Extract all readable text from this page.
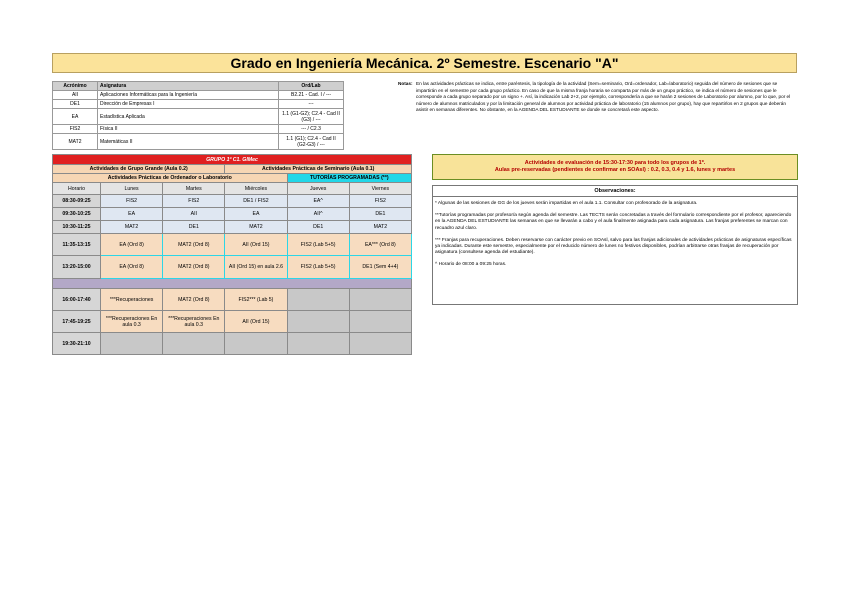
Grado en Ingeniería Mecánica. 2º Semestre. Escenario "A"
Acrónimo	Asignatura	Ord/Lab
AII	Aplicaciones Informáticas para la Ingeniería	B2.21 - Cad. I / ---
DE1	Dirección de Empresas I	---
EA	Estadística Aplicada	1.1 (G1-G2); C2.4 - Cad II (G3) / ---
FIS2	Física II	--- / C2.3
MAT2	Matemáticas II	1.1 (G1); C2.4 - Cad II (G2-G3) / ---
Notas: En las actividades prácticas se indica, entre paréntesis, la tipología de la actividad (Sem=seminario, Ord=ordenador, Lab=laboratorio) seguida del número de sesiones que se impartirán en el semestre por cada grupo práctico. En caso de que la misma franja horaria se comparta por más de un grupo práctico, se indica el número de sesiones que le corresponde a cada grupo separado por un signo +. Así, la indicación Lab 2+2, por ejemplo, correspondería a que se harán 2 sesiones de Laboratorio por alumno, por lo que, por el número de alumnos matriculados y por la limitación general de alumnos por actividad práctica de laboratorio (15 alumnos por grupo), hay que repartirlos en 2 grupos que deberán asistir en semanas diferentes. No obstante, en la AGENDA DEL ESTUDIANTE se donde se concretará este aspecto.
GRUPO 1º C1. GIMec					
Actividades de Grupo Grande (Aula 0.2)			Actividades Prácticas de Seminario (Aula 0.1)		
Actividades Prácticas de Ordenador o Laboratorio				TUTORÍAS PROGRAMADAS (**)	
Horario	Lunes	Martes	Miércoles	Jueves	Viernes
08:30-09:25	FIS2	FIS2	DE1 / FIS2	EA^	FIS2
09:30-10:25	EA	AII	EA	AII^	DE1
10:30-11:25	MAT2	DE1	MAT2	DE1	MAT2
11:35-13:15	EA (Ord 8)	MAT2 (Ord 8)	AII (Ord 15)	FIS2 (Lab 5+5)	EA*** (Ord 8)
13:20-15:00	EA (Ord 8)	MAT2 (Ord 8)	AII (Ord 15) en aula 2.6	FIS2 (Lab 5+5)	DE1 (Sem 4+4)

16:00-17:40	***Recuperaciones	MAT2 (Ord 8)	FIS2*** (Lab 5)		
17:45-19:25	***Recuperaciones En aula 0.3	***Recuperaciones En aula 0.3	AII (Ord 15)		
19:30-21:10					
Actividades de evaluación de 15:30-17:30 para todo los grupos de 1º.
Aulas pre-reservadas (pendientes de confirmar en SOAsl) : 0.2, 0.3, 0.4 y 1.6, lunes y martes
Observaciones:

* Algunas de las sesiones de GG de los jueves serán impartidas en el aula 1.1. Consultar con profesorado de la asignatura.

**Tutorías programadas por profesor/a según agenda del semestre. Las TECTS serán concretadas a través del formulario correspondiente por el profesor, apareciendo en la AGENDA DEL ESTUDIANTE las semanas en que se llevarán a cabo y el aula finalmente asignada para cada asignatura. Las franjas preferentes se marcan con recuadro azul claro.

*** Franjas para recuperaciones. Deben reservarse con carácter previo en SOAsl, salvo para las franjas adicionales de actividades prácticas de asignaturas específicas ya indicadas. Durante este semestre, especialmente por el reducido número de lunes no festivos disponibles, podrían arbitrarse otras franjas de recuperación por asignatura (consultese agenda del estudiante).

^ Horario de 08:00 a 09:25 horas.
